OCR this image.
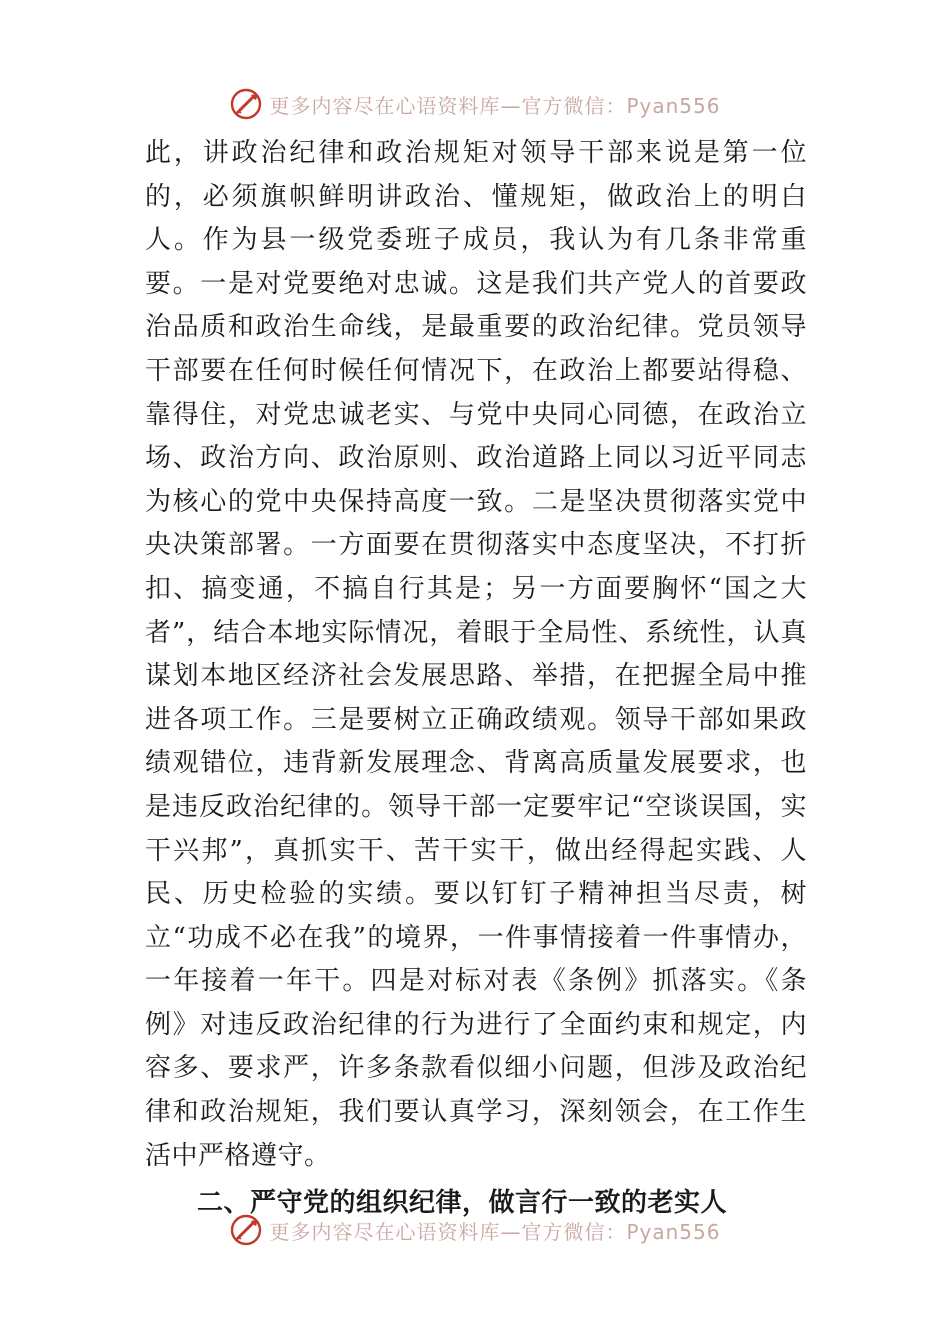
更多内容尽在心语资料库—官方微信：Pyan556

此，讲政治纪律和政治规矩对领导干部来说是第一位的，必须旗帜鲜明讲政治、懂规矩，做政治上的明白人。作为县一级党委班子成员，我认为有几条非常重要。一是对党要绝对忠诚。这是我们共产党人的首要政治品质和政治生命线，是最重要的政治纪律。党员领导干部要在任何时候任何情况下，在政治上都要站得稳、靠得住，对党忠诚老实、与党中央同心同德，在政治立场、政治方向、政治原则、政治道路上同以习近平同志为核心的党中央保持高度一致。二是坚决贯彻落实党中央决策部署。一方面要在贯彻落实中态度坚决，不打折扣、搞变通，不搞自行其是；另一方面要胸怀“国之大者”，结合本地实际情况，着眼于全局性、系统性，认真谋划本地区经济社会发展思路、举措，在把握全局中推进各项工作。三是要树立正确政绩观。领导干部如果政绩观错位，违背新发展理念、背离高质量发展要求，也是违反政治纪律的。领导干部一定要牢记“空谈误国，实干兴邦”，真抓实干、苦干实干，做出经得起实践、人民、历史检验的实绩。要以钉钉子精神担当尽责，树立“功成不必在我”的境界，一件事情接着一件事情办，一年接着一年干。四是对标对表《条例》抓落实。《条例》对违反政治纪律的行为进行了全面约束和规定，内容多、要求严，许多条款看似细小问题，但涉及政治纪律和政治规矩，我们要认真学习，深刻领会，在工作生活中严格遵守。

二、严守党的组织纪律，做言行一致的老实人

更多内容尽在心语资料库—官方微信：Pyan556
